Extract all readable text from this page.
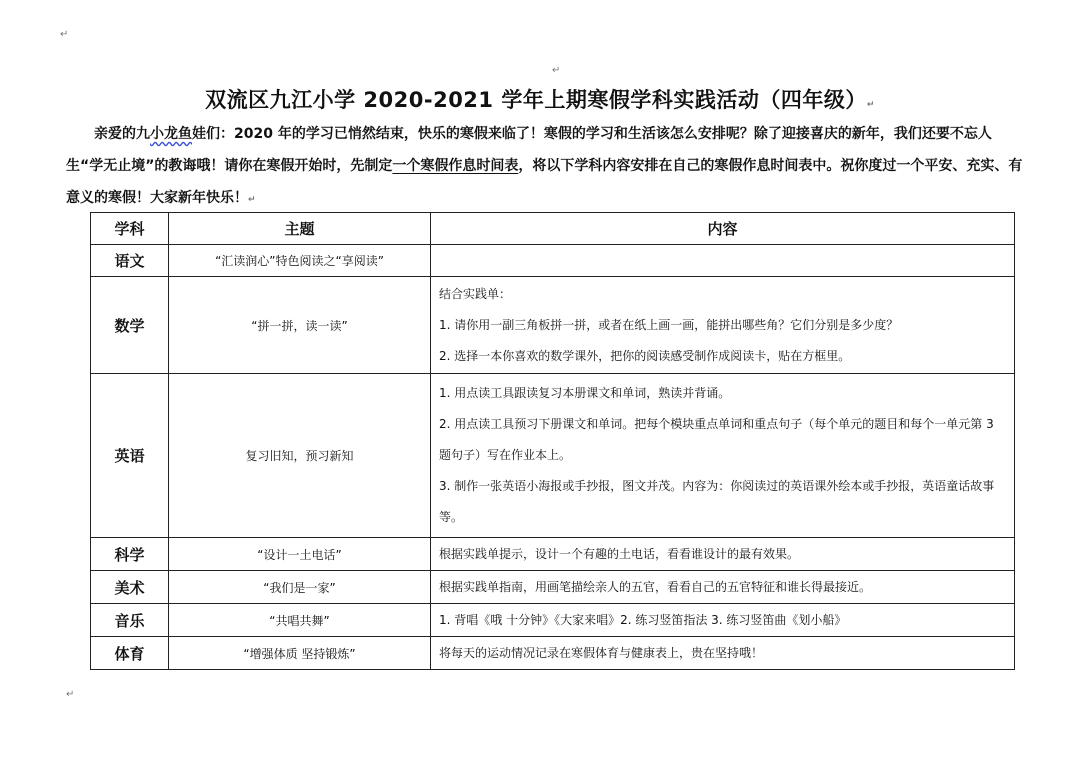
↵
↵
↵
双流区九江小学 2020-2021 学年上期寒假学科实践活动（四年级）↵
亲爱的九小龙鱼娃们：2020 年的学习已悄然结束，快乐的寒假来临了！寒假的学习和生活该怎么安排呢？除了迎接喜庆的新年，我们还要不忘人生“学无止境”的教诲哦！请你在寒假开始时，先制定一个寒假作息时间表，将以下学科内容安排在自己的寒假作息时间表中。祝你度过一个平安、充实、有意义的寒假！大家新年快乐！↵
学科	主题	内容
语文	“汇读润心”特色阅读之“享阅读”	
数学	“拼一拼，读一读”	结合实践单：
1. 请你用一副三角板拼一拼，或者在纸上画一画，能拼出哪些角？它们分别是多少度？
2. 选择一本你喜欢的数学课外，把你的阅读感受制作成阅读卡，贴在方框里。

英语	复习旧知，预习新知	1. 用点读工具跟读复习本册课文和单词，熟读并背诵。
2. 用点读工具预习下册课文和单词。把每个模块重点单词和重点句子（每个单元的题目和每个一单元第 3 题句子）写在作业本上。
3. 制作一张英语小海报或手抄报，图文并茂。内容为：你阅读过的英语课外绘本或手抄报，英语童话故事等。

科学	“设计一土电话”	根据实践单提示，设计一个有趣的土电话，看看谁设计的最有效果。
美术	“我们是一家”	根据实践单指南，用画笔描绘亲人的五官，看看自己的五官特征和谁长得最接近。
音乐	“共唱共舞”	1. 背唱《哦 十分钟》《大家来唱》2. 练习竖笛指法 3. 练习竖笛曲《划小船》
体育	“增强体质 坚持锻炼”	将每天的运动情况记录在寒假体育与健康表上，贵在坚持哦！
